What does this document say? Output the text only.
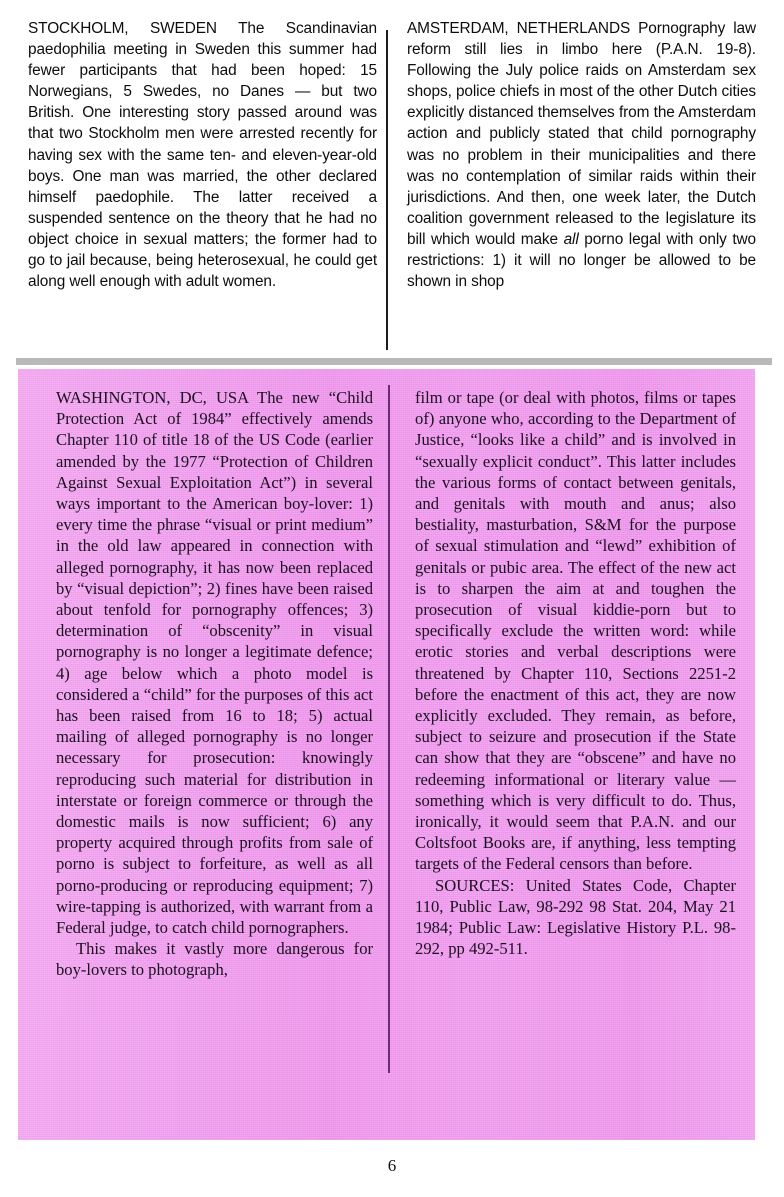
STOCKHOLM, SWEDEN The Scandinavian paedophilia meeting in Sweden this summer had fewer participants that had been hoped: 15 Norwegians, 5 Swedes, no Danes — but two British. One interesting story passed around was that two Stockholm men were arrested recently for having sex with the same ten- and eleven-year-old boys. One man was married, the other declared himself paedophile. The latter received a suspended sentence on the theory that he had no object choice in sexual matters; the former had to go to jail because, being heterosexual, he could get along well enough with adult women.

AMSTERDAM, NETHERLANDS Pornography law reform still lies in limbo here (P.A.N. 19-8). Following the July police raids on Amsterdam sex shops, police chiefs in most of the other Dutch cities explicitly distanced themselves from the Amsterdam action and publicly stated that child pornography was no problem in their municipalities and there was no contemplation of similar raids within their jurisdictions. And then, one week later, the Dutch coalition government released to the legislature its bill which would make all porno legal with only two restrictions: 1) it will no longer be allowed to be shown in shop

WASHINGTON, DC, USA The new “Child Protection Act of 1984” effectively amends Chapter 110 of title 18 of the US Code (earlier amended by the 1977 “Protection of Children Against Sexual Exploitation Act”) in several ways important to the American boy-lover: 1) every time the phrase “visual or print medium” in the old law appeared in connection with alleged pornography, it has now been replaced by “visual depiction”; 2) fines have been raised about tenfold for pornography offences; 3) determination of “obscenity” in visual pornography is no longer a legitimate defence; 4) age below which a photo model is considered a “child” for the purposes of this act has been raised from 16 to 18; 5) actual mailing of alleged pornography is no longer necessary for prosecution: knowingly reproducing such material for distribution in interstate or foreign commerce or through the domestic mails is now sufficient; 6) any property acquired through profits from sale of porno is subject to forfeiture, as well as all porno-producing or reproducing equipment; 7) wire-tapping is authorized, with warrant from a Federal judge, to catch child pornographers.

This makes it vastly more dangerous for boy-lovers to photograph,

film or tape (or deal with photos, films or tapes of) anyone who, according to the Department of Justice, “looks like a child” and is involved in “sexually explicit conduct”. This latter includes the various forms of contact between genitals, and genitals with mouth and anus; also bestiality, masturbation, S&M for the purpose of sexual stimulation and “lewd” exhibition of genitals or pubic area. The effect of the new act is to sharpen the aim at and toughen the prosecution of visual kiddie-porn but to specifically exclude the written word: while erotic stories and verbal descriptions were threatened by Chapter 110, Sections 2251-2 before the enactment of this act, they are now explicitly excluded. They remain, as before, subject to seizure and prosecution if the State can show that they are “obscene” and have no redeeming informational or literary value — something which is very difficult to do. Thus, ironically, it would seem that P.A.N. and our Coltsfoot Books are, if anything, less tempting targets of the Federal censors than before.

SOURCES: United States Code, Chapter 110, Public Law, 98-292 98 Stat. 204, May 21 1984; Public Law: Legislative History P.L. 98-292, pp 492-511.

6
